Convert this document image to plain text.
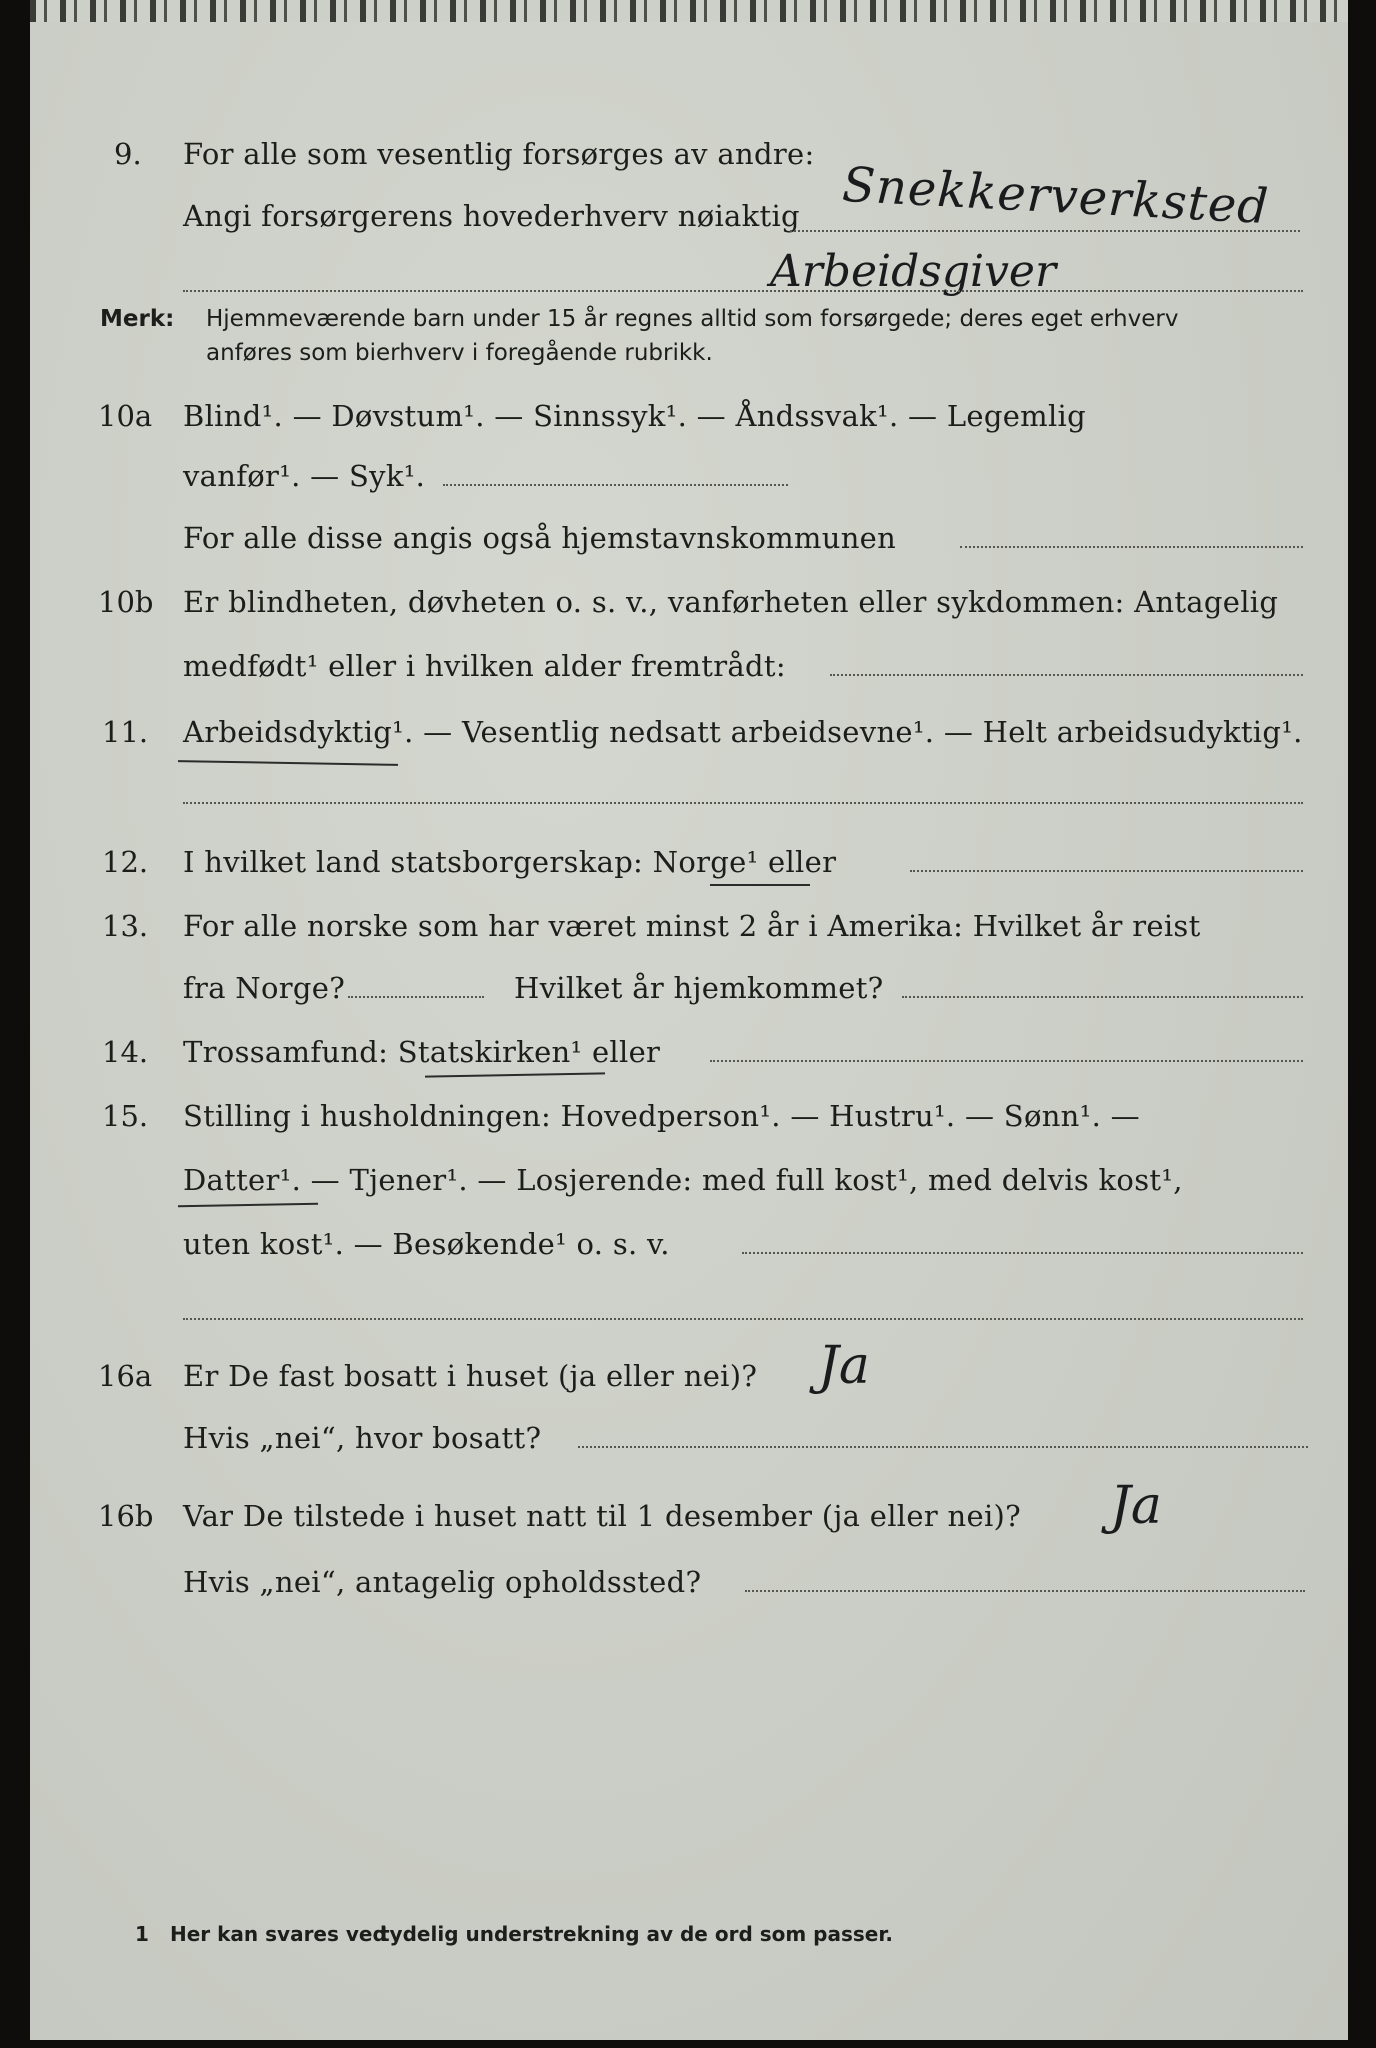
9. For alle som vesentlig forsørges av andre:
Angi forsørgerens hovederhverv nøiaktig Snekkerverksted
Arbeidsgiver
Merk: Hjemmeværende barn under 15 år regnes alltid som forsørgede; deres eget erhverv
anføres som bierhverv i foregående rubrikk.
10a Blind¹. — Døvstum¹. — Sinnssyk¹. — Åndssvak¹. — Legemlig
vanfør¹. — Syk¹.
For alle disse angis også hjemstavnskommunen
10b Er blindheten, døvheten o. s. v., vanførheten eller sykdommen: Antagelig
medfødt¹ eller i hvilken alder fremtrådt:
11. Arbeidsdyktig¹. — Vesentlig nedsatt arbeidsevne¹. — Helt arbeidsudyktig¹.
12. I hvilket land statsborgerskap: Norge¹ eller
13. For alle norske som har været minst 2 år i Amerika: Hvilket år reist
fra Norge?	Hvilket år hjemkommet?
14. Trossamfund: Statskirken¹ eller
15. Stilling i husholdningen: Hovedperson¹. — Hustru¹. — Sønn¹. —
Datter¹. — Tjener¹. — Losjerende: med full kost¹, med delvis kost¹,
uten kost¹. — Besøkende¹ o. s. v.
16a Er De fast bosatt i huset (ja eller nei)? Ja
Hvis „nei“, hvor bosatt?
16b Var De tilstede i huset natt til 1 desember (ja eller nei)? Ja
Hvis „nei“, antagelig opholdssted?
1 Her kan svares ved
tydelig understrekning av de ord som passer.
